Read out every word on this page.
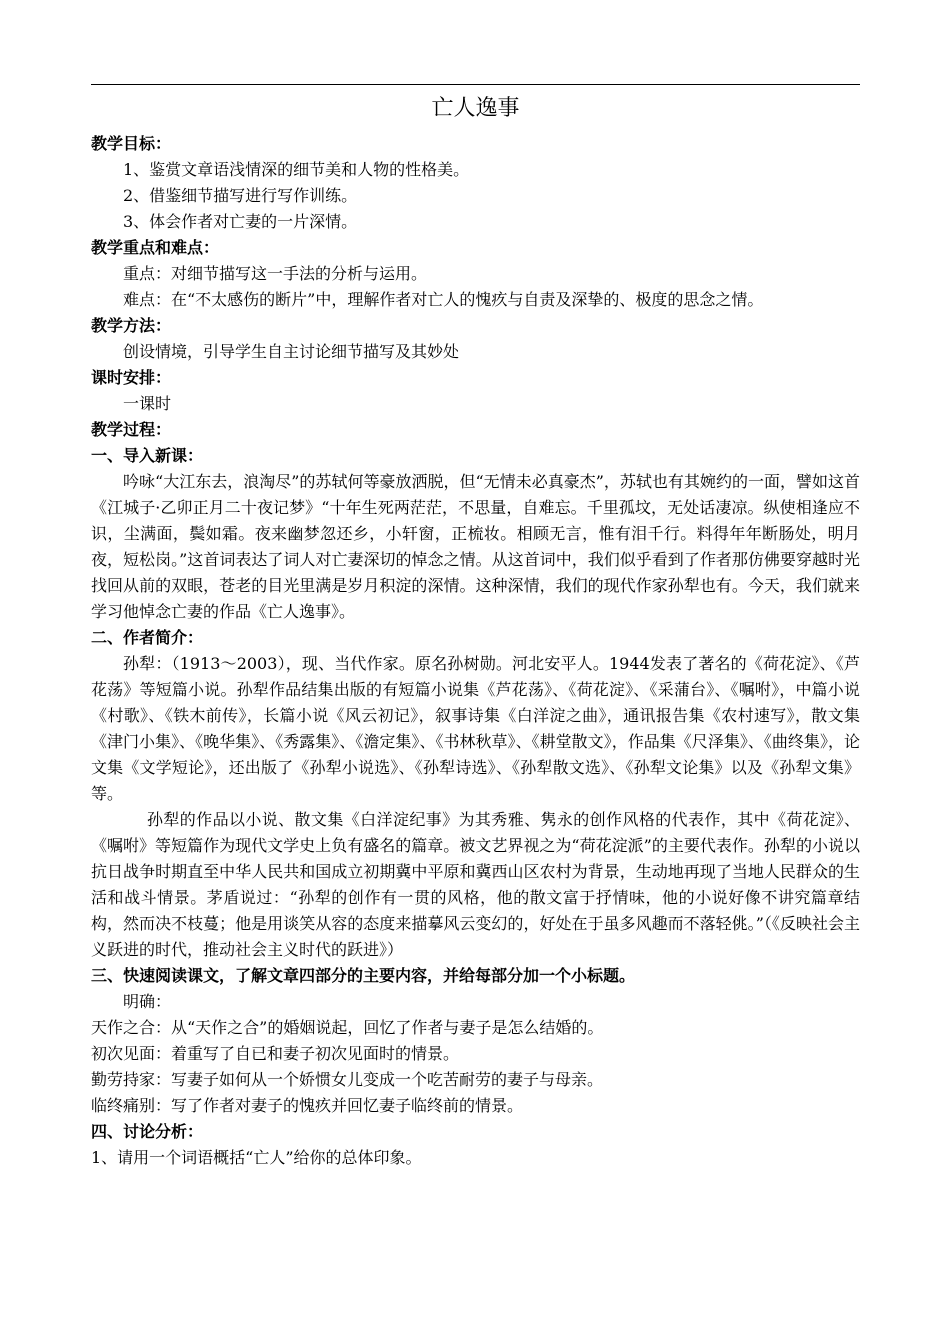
亡人逸事
教学目标：
1、鉴赏文章语浅情深的细节美和人物的性格美。
2、借鉴细节描写进行写作训练。
3、体会作者对亡妻的一片深情。
教学重点和难点：
重点：对细节描写这一手法的分析与运用。
难点：在“不太感伤的断片”中，理解作者对亡人的愧疚与自责及深挚的、极度的思念之情。
教学方法：
创设情境，引导学生自主讨论细节描写及其妙处
课时安排：
一课时
教学过程：
一、导入新课：
吟咏“大江东去，浪淘尽”的苏轼何等豪放洒脱，但“无情未必真豪杰”，苏轼也有其婉约的一面，譬如这首《江城子·乙卯正月二十夜记梦》“十年生死两茫茫，不思量，自难忘。千里孤坟，无处话凄凉。纵使相逢应不识，尘满面，鬓如霜。夜来幽梦忽还乡，小轩窗，正梳妆。相顾无言，惟有泪千行。料得年年断肠处，明月夜，短松岗。”这首词表达了词人对亡妻深切的悼念之情。从这首词中，我们似乎看到了作者那仿佛要穿越时光找回从前的双眼，苍老的目光里满是岁月积淀的深情。这种深情，我们的现代作家孙犁也有。今天，我们就来学习他悼念亡妻的作品《亡人逸事》。
二、作者简介：
孙犁：（1913～2003），现、当代作家。原名孙树勋。河北安平人。1944发表了著名的《荷花淀》、《芦花荡》等短篇小说。孙犁作品结集出版的有短篇小说集《芦花荡》、《荷花淀》、《采蒲台》、《嘱咐》，中篇小说《村歌》、《铁木前传》，长篇小说《风云初记》，叙事诗集《白洋淀之曲》，通讯报告集《农村速写》，散文集《津门小集》、《晚华集》、《秀露集》、《澹定集》、《书林秋草》、《耕堂散文》，作品集《尺泽集》、《曲终集》，论文集《文学短论》，还出版了《孙犁小说选》、《孙犁诗选》、《孙犁散文选》、《孙犁文论集》以及《孙犁文集》等。
孙犁的作品以小说、散文集《白洋淀纪事》为其秀雅、隽永的创作风格的代表作，其中《荷花淀》、《嘱咐》等短篇作为现代文学史上负有盛名的篇章。被文艺界视之为“荷花淀派”的主要代表作。孙犁的小说以抗日战争时期直至中华人民共和国成立初期冀中平原和冀西山区农村为背景，生动地再现了当地人民群众的生活和战斗情景。茅盾说过：“孙犁的创作有一贯的风格，他的散文富于抒情味，他的小说好像不讲究篇章结构，然而决不枝蔓；他是用谈笑从容的态度来描摹风云变幻的，好处在于虽多风趣而不落轻佻。”（《反映社会主义跃进的时代，推动社会主义时代的跃进》）
三、快速阅读课文，了解文章四部分的主要内容，并给每部分加一个小标题。
明确：
天作之合：从“天作之合”的婚姻说起，回忆了作者与妻子是怎么结婚的。
初次见面：着重写了自已和妻子初次见面时的情景。
勤劳持家：写妻子如何从一个娇惯女儿变成一个吃苦耐劳的妻子与母亲。
临终痛别：写了作者对妻子的愧疚并回忆妻子临终前的情景。
四、讨论分析：
1、请用一个词语概括“亡人”给你的总体印象。
